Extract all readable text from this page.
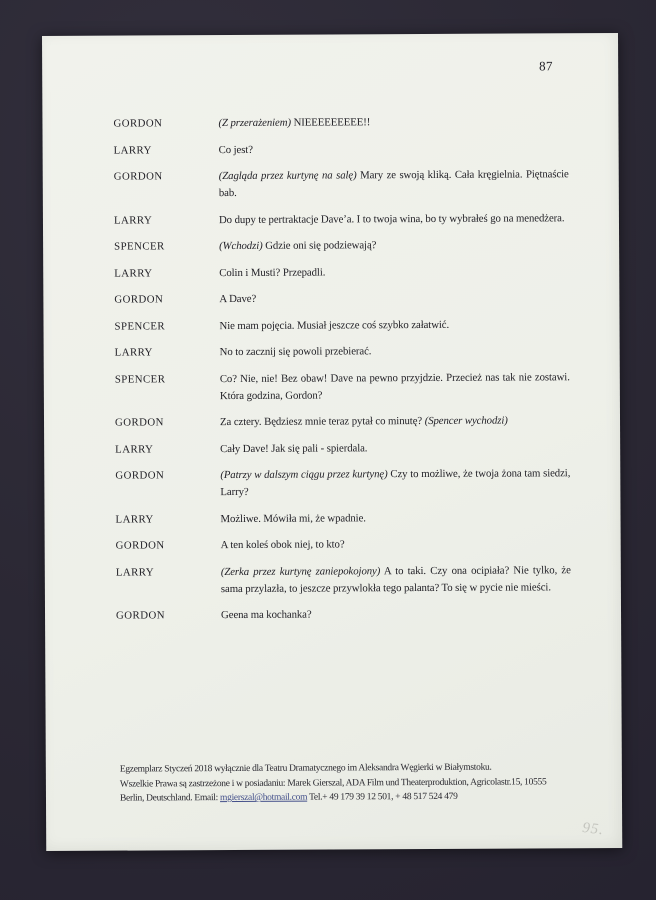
87
GORDON	(Z przerażeniem) NIEEEEEEEEE!!
LARRY	Co jest?
GORDON	(Zagląda przez kurtynę na salę) Mary ze swoją kliką. Cała kręgielnia. Piętnaście bab.
LARRY	Do dupy te pertraktacje Dave’a. I to twoja wina, bo ty wybrałeś go na menedżera.
SPENCER	(Wchodzi) Gdzie oni się podziewają?
LARRY	Colin i Musti? Przepadli.
GORDON	A Dave?
SPENCER	Nie mam pojęcia. Musiał jeszcze coś szybko załatwić.
LARRY	No to zacznij się powoli przebierać.
SPENCER	Co? Nie, nie! Bez obaw! Dave na pewno przyjdzie. Przecież nas tak nie zostawi. Która godzina, Gordon?
GORDON	Za cztery. Będziesz mnie teraz pytał co minutę? (Spencer wychodzi)
LARRY	Cały Dave! Jak się pali - spierdala.
GORDON	(Patrzy w dalszym ciągu przez kurtynę) Czy to możliwe, że twoja żona tam siedzi, Larry?
LARRY	Możliwe. Mówiła mi, że wpadnie.
GORDON	A ten koleś obok niej, to kto?
LARRY	(Zerka przez kurtynę zaniepokojony) A to taki. Czy ona ocipiała? Nie tylko, że sama przylazła, to jeszcze przywlokła tego palanta? To się w pycie nie mieści.
GORDON	Geena ma kochanka?
Egzemplarz Styczeń 2018 wyłącznie dla Teatru Dramatycznego im Aleksandra Węgierki w Białymstoku.
Wszelkie Prawa są zastrzeżone i w posiadaniu: Marek Gierszal, ADA Film und Theaterproduktion, Agricolastr.15, 10555
Berlin, Deutschland. Email: mgierszal@hotmail.com Tel.+ 49 179 39 12 501, + 48 517 524 479
95.
